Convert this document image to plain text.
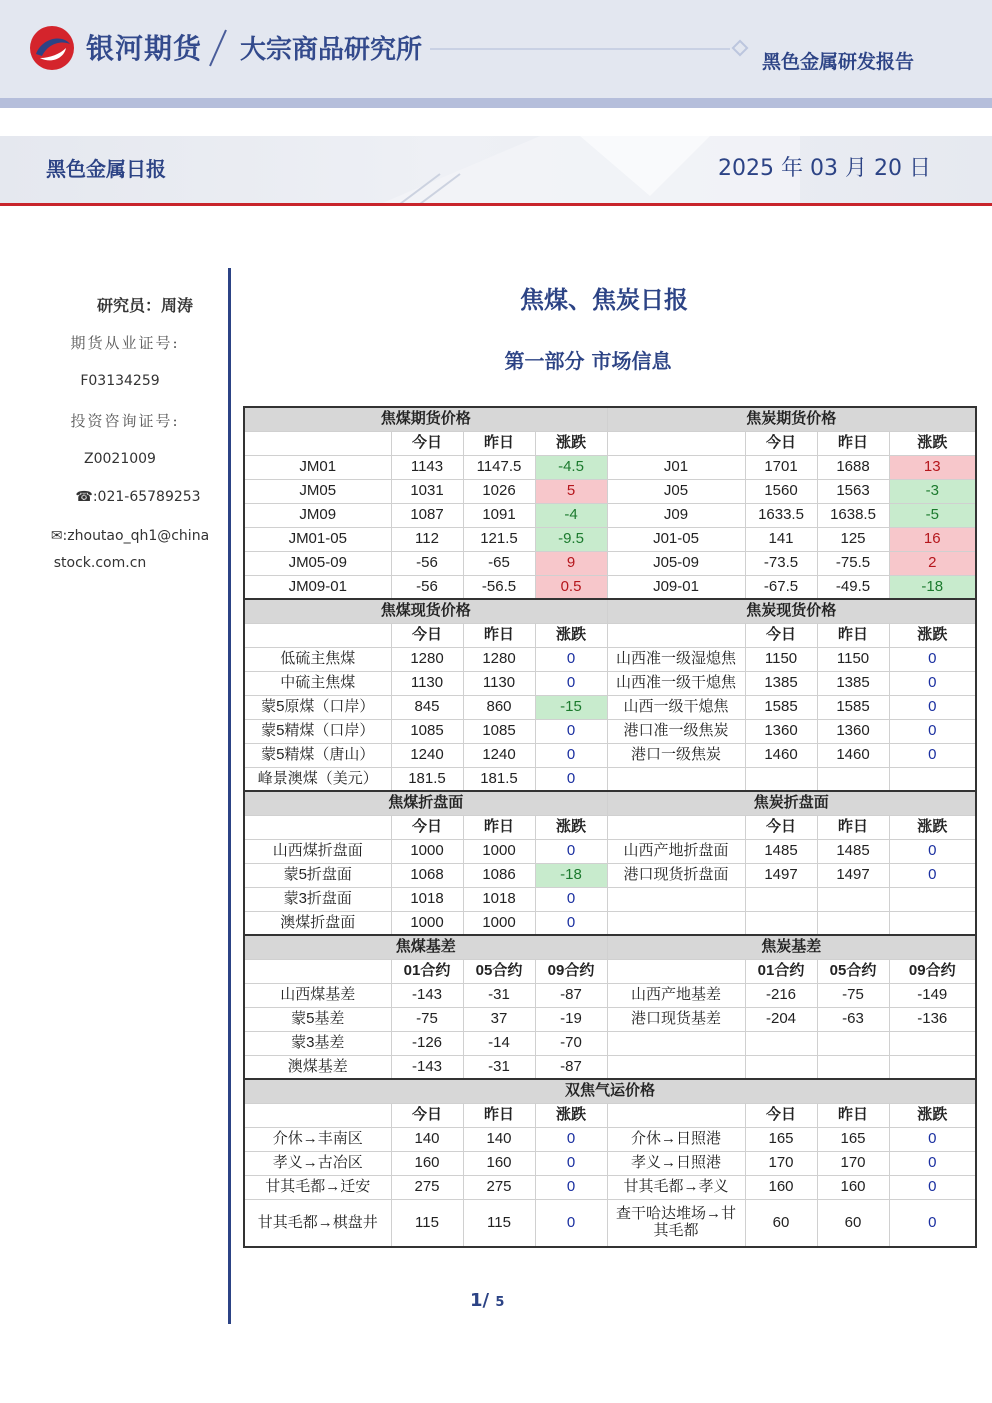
银河期货 大宗商品研究所	黑色金属研发报告
黑色金属日报	2025 年 03 月 20 日
研究员：周涛
期货从业证号:
F03134259
投资咨询证号:
Z0021009
☎:021-65789253
✉:zhoutao_qh1@china
stock.com.cn
焦煤、焦炭日报
第一部分 市场信息
焦煤期货价格				焦炭期货价格			
	今日	昨日	涨跌		今日	昨日	涨跌
JM01	1143	1147.5	-4.5	J01	1701	1688	13
JM05	1031	1026	5	J05	1560	1563	-3
JM09	1087	1091	-4	J09	1633.5	1638.5	-5
JM01-05	112	121.5	-9.5	J01-05	141	125	16
JM05-09	-56	-65	9	J05-09	-73.5	-75.5	2
JM09-01	-56	-56.5	0.5	J09-01	-67.5	-49.5	-18
焦煤现货价格				焦炭现货价格			
	今日	昨日	涨跌		今日	昨日	涨跌
低硫主焦煤	1280	1280	0	山西准一级湿熄焦	1150	1150	0
中硫主焦煤	1130	1130	0	山西准一级干熄焦	1385	1385	0
蒙5原煤（口岸）	845	860	-15	山西一级干熄焦	1585	1585	0
蒙5精煤（口岸）	1085	1085	0	港口准一级焦炭	1360	1360	0
蒙5精煤（唐山）	1240	1240	0	港口一级焦炭	1460	1460	0
峰景澳煤（美元）	181.5	181.5	0				
焦煤折盘面				焦炭折盘面			
	今日	昨日	涨跌		今日	昨日	涨跌
山西煤折盘面	1000	1000	0	山西产地折盘面	1485	1485	0
蒙5折盘面	1068	1086	-18	港口现货折盘面	1497	1497	0
蒙3折盘面	1018	1018	0				
澳煤折盘面	1000	1000	0				
焦煤基差				焦炭基差			
	01合约	05合约	09合约		01合约	05合约	09合约
山西煤基差	-143	-31	-87	山西产地基差	-216	-75	-149
蒙5基差	-75	37	-19	港口现货基差	-204	-63	-136
蒙3基差	-126	-14	-70				
澳煤基差	-143	-31	-87				
双焦气运价格							
	今日	昨日	涨跌		今日	昨日	涨跌
介休→丰南区	140	140	0	介休→日照港	165	165	0
孝义→古冶区	160	160	0	孝义→日照港	170	170	0
甘其毛都→迁安	275	275	0	甘其毛都→孝义	160	160	0
甘其毛都→棋盘井	115	115	0	查干哈达堆场→甘其毛都	60	60	0
1/ 5
